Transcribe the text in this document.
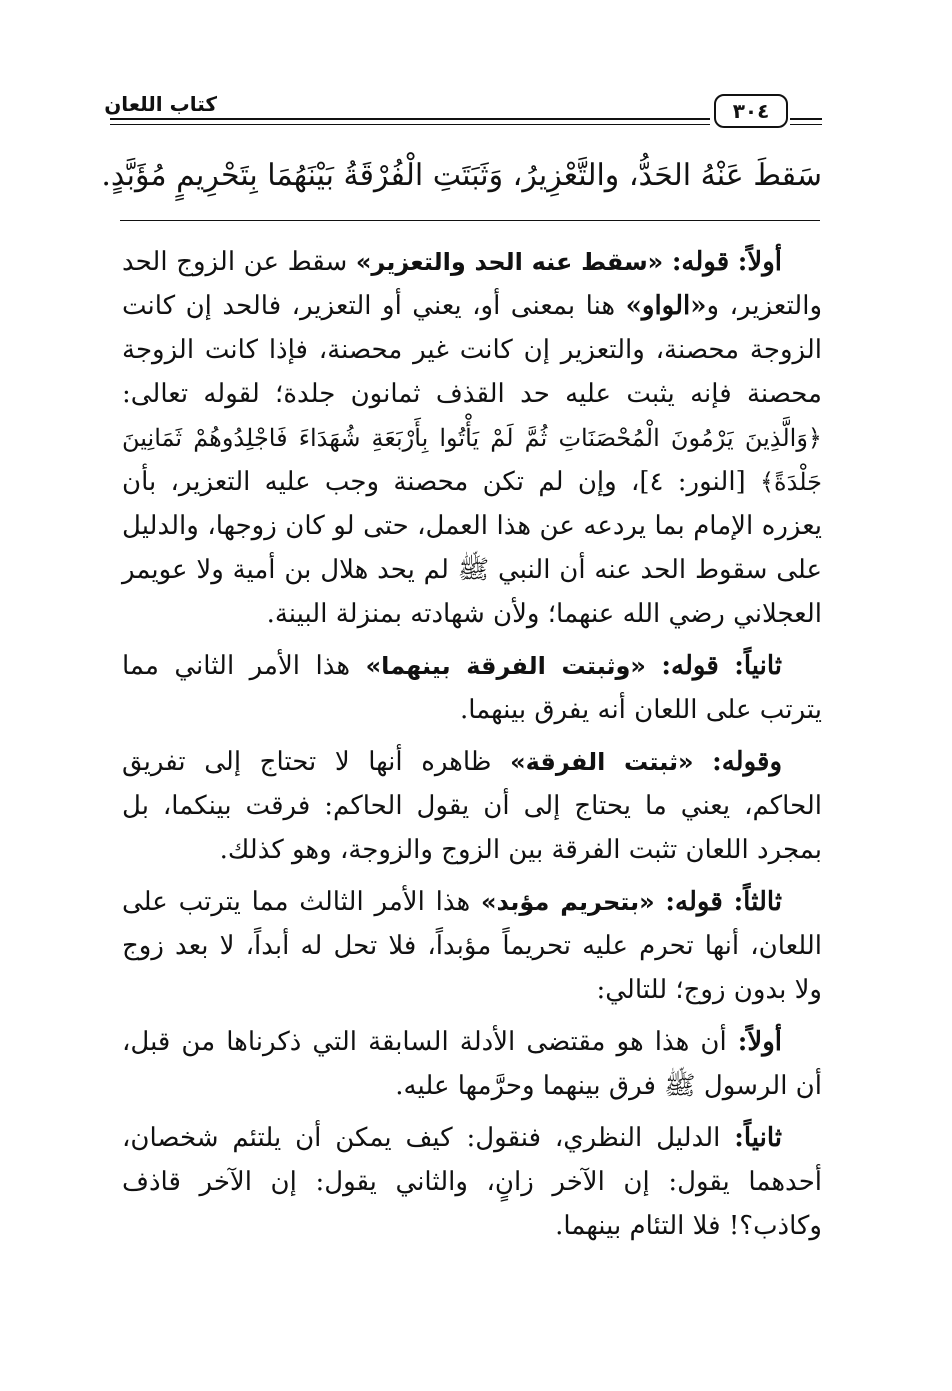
كتاب اللعان	٣٠٤
سَقطَ عَنْهُ الحَدُّ، والتَّعْزِيرُ، وَثَبَتَتِ الْفُرْقَةُ بَيْنَهُمَا بِتَحْرِيمٍ مُؤَبَّدٍ.

أولاً: قوله: «سقط عنه الحد والتعزير» سقط عن الزوج الحد والتعزير، و«الواو» هنا بمعنى أو، يعني أو التعزير، فالحد إن كانت الزوجة محصنة، والتعزير إن كانت غير محصنة، فإذا كانت الزوجة محصنة فإنه يثبت عليه حد القذف ثمانون جلدة؛ لقوله تعالى: ﴿وَالَّذِينَ يَرْمُونَ الْمُحْصَنَاتِ ثُمَّ لَمْ يَأْتُوا بِأَرْبَعَةِ شُهَدَاءَ فَاجْلِدُوهُمْ ثَمَانِينَ جَلْدَةً﴾ [النور: ٤]، وإن لم تكن محصنة وجب عليه التعزير، بأن يعزره الإمام بما يردعه عن هذا العمل، حتى لو كان زوجها، والدليل على سقوط الحد عنه أن النبي ﷺ لم يحد هلال بن أمية ولا عويمر العجلاني رضي الله عنهما؛ ولأن شهادته بمنزلة البينة.

ثانياً: قوله: «وثبتت الفرقة بينهما» هذا الأمر الثاني مما يترتب على اللعان أنه يفرق بينهما.

وقوله: «ثبتت الفرقة» ظاهره أنها لا تحتاج إلى تفريق الحاكم، يعني ما يحتاج إلى أن يقول الحاكم: فرقت بينكما، بل بمجرد اللعان تثبت الفرقة بين الزوج والزوجة، وهو كذلك.

ثالثاً: قوله: «بتحريم مؤبد» هذا الأمر الثالث مما يترتب على اللعان، أنها تحرم عليه تحريماً مؤبداً، فلا تحل له أبداً، لا بعد زوج ولا بدون زوج؛ للتالي:

أولاً: أن هذا هو مقتضى الأدلة السابقة التي ذكرناها من قبل، أن الرسول ﷺ فرق بينهما وحرَّمها عليه.

ثانياً: الدليل النظري، فنقول: كيف يمكن أن يلتئم شخصان، أحدهما يقول: إن الآخر زانٍ، والثاني يقول: إن الآخر قاذف وكاذب؟! فلا التئام بينهما.
